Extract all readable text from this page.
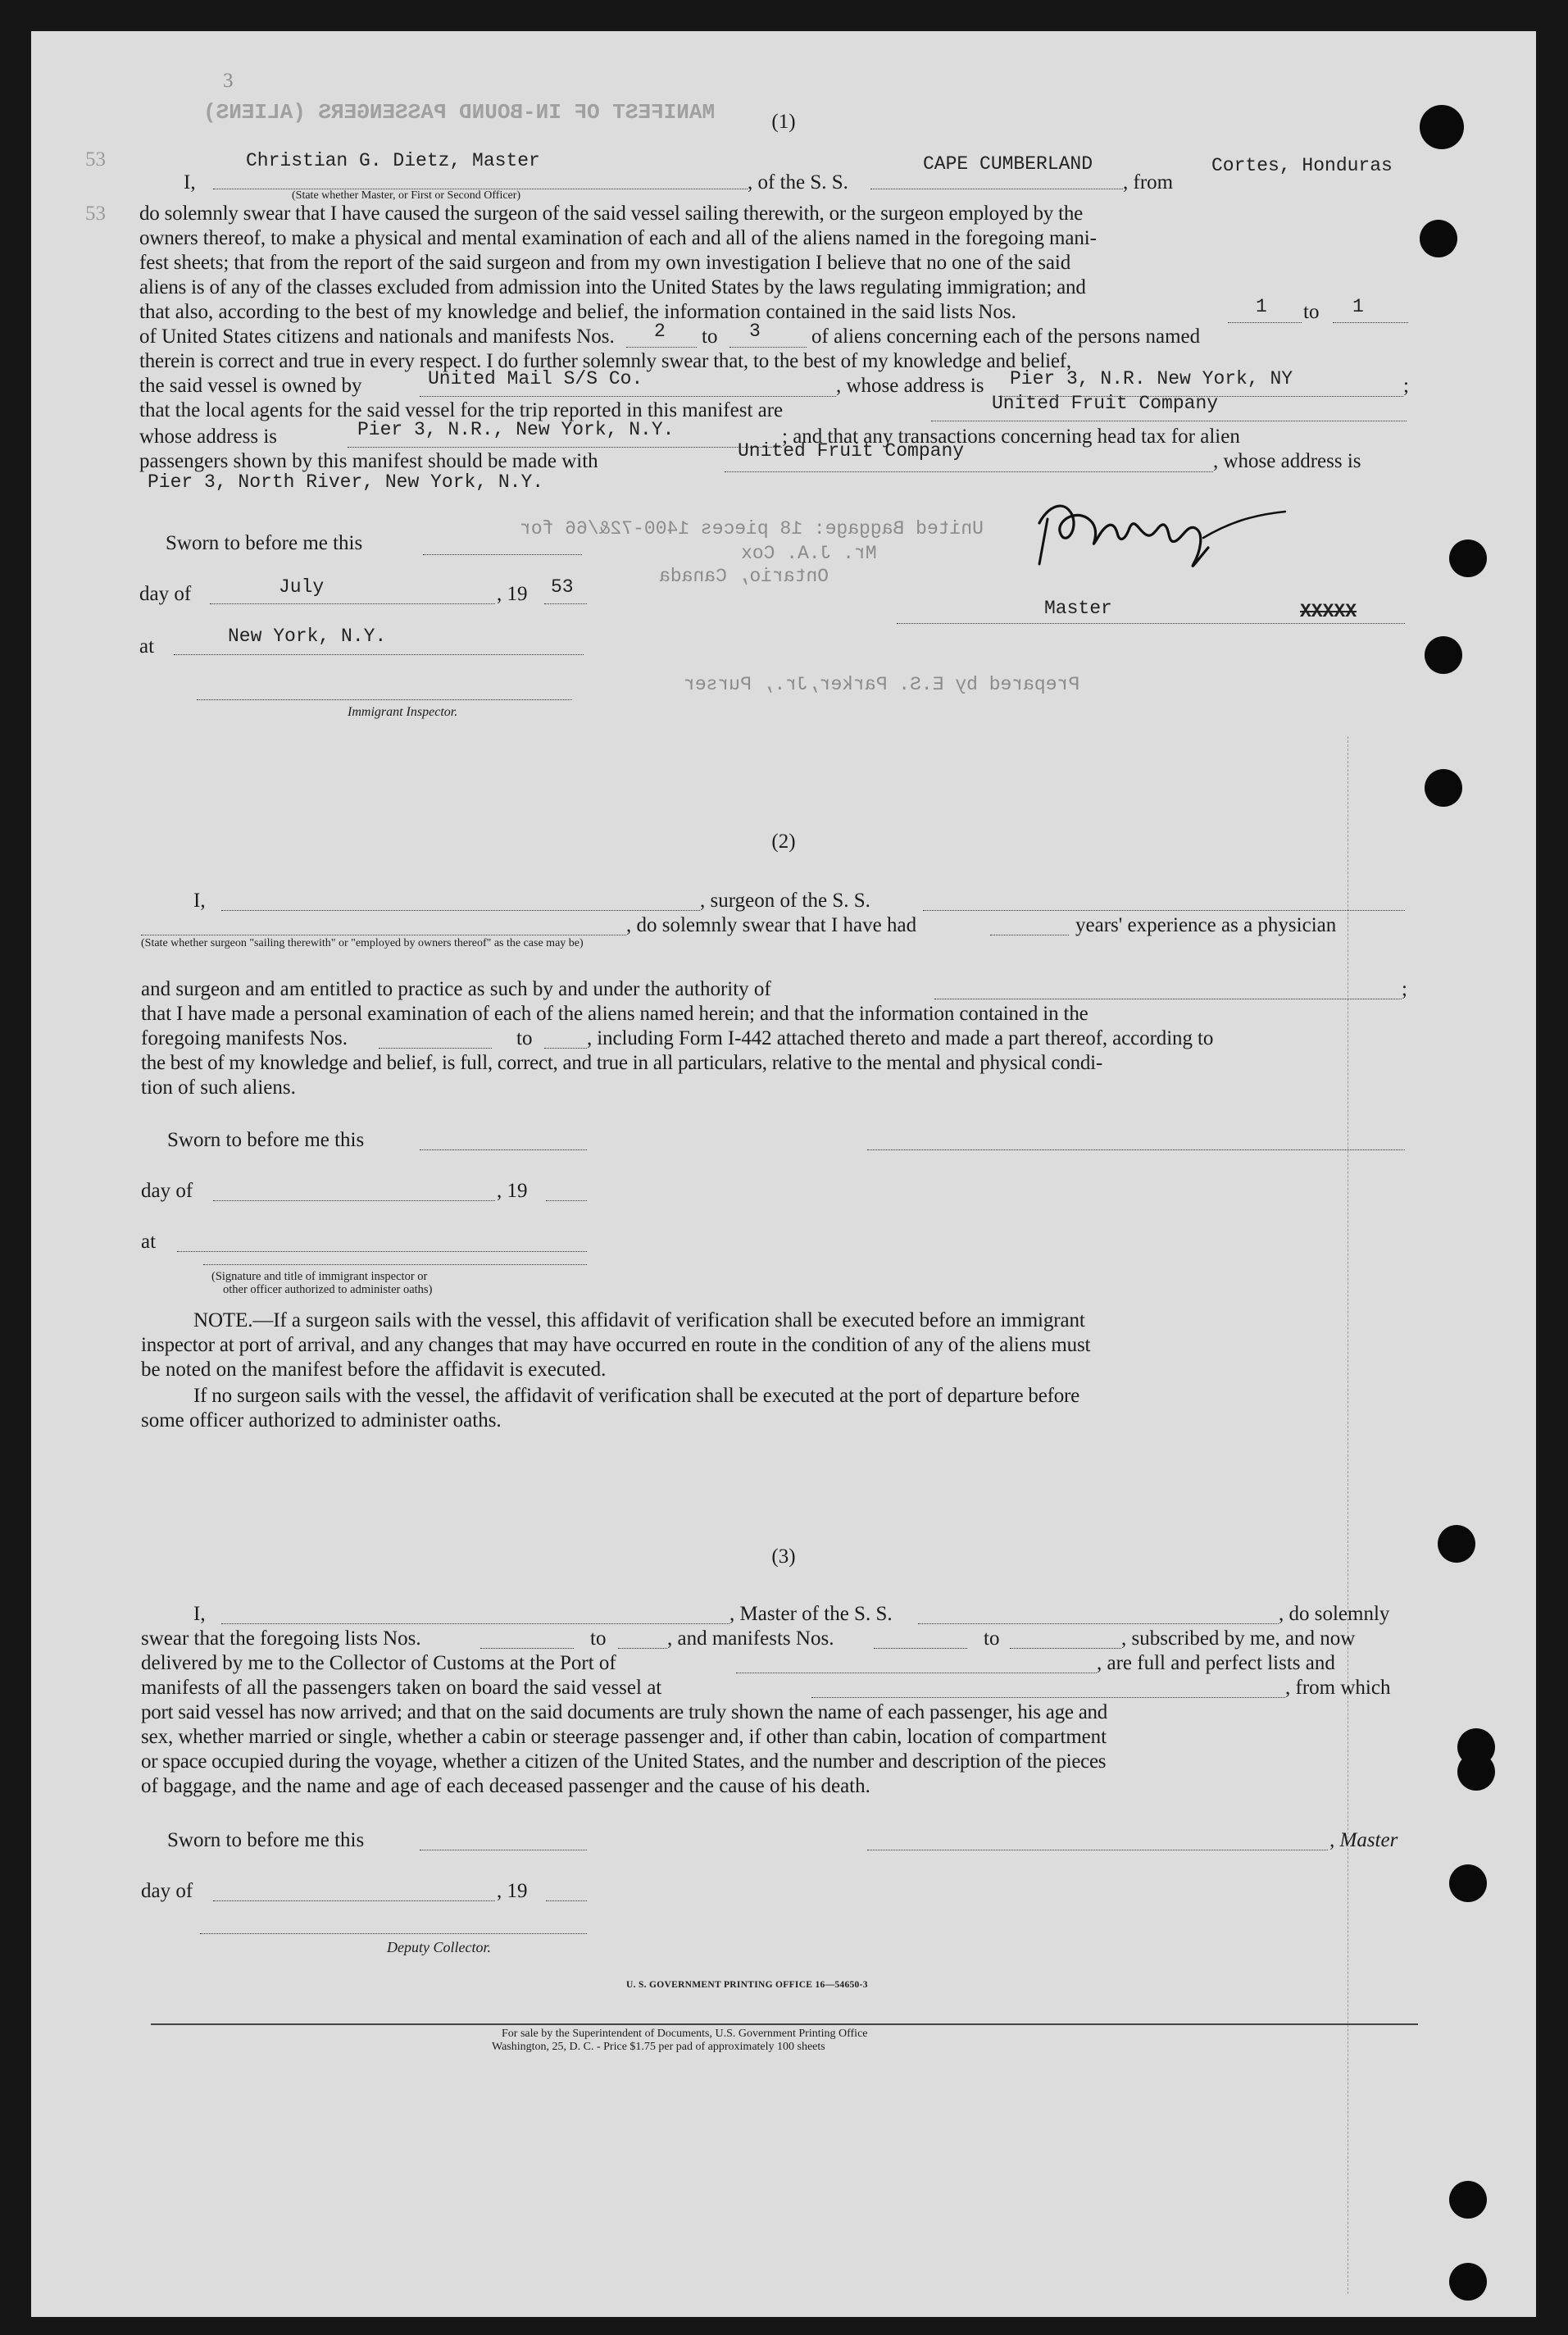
MANIFEST OF IN-BOUND PASSENGERS (ALIENS)
3
53
53
(1)
I,
Christian G. Dietz, Master
(State whether Master, or First or Second Officer)
, of the S. S.
CAPE CUMBERLAND
, from
Cortes, Honduras
do solemnly swear that I have caused the surgeon of the said vessel sailing therewith, or the surgeon employed by the
owners thereof, to make a physical and mental examination of each and all of the aliens named in the foregoing mani-
fest sheets; that from the report of the said surgeon and from my own investigation I believe that no one of the said
aliens is of any of the classes excluded from admission into the United States by the laws regulating immigration; and
that also, according to the best of my knowledge and belief, the information contained in the said lists Nos.	1 to 1
of United States citizens and nationals and manifests Nos. 2 to 3 of aliens concerning each of the persons named
therein is correct and true in every respect. I do further solemnly swear that, to the best of my knowledge and belief,
the said vessel is owned by	United Mail S/S Co.	, whose address is Pier 3, N.R. New York, NY	;
that the local agents for the said vessel for the trip reported in this manifest are	United Fruit Company
whose address is	Pier 3, N.R., New York, N.Y.	; and that any transactions concerning head tax for alien
passengers shown by this manifest should be made with	United Fruit Company	, whose address is
Pier 3, North River, New York, N.Y.
Sworn to before me this
day of	July	, 19 53
at	New York, N.Y.
Immigrant Inspector.
United Baggage: 18 pieces 1400-72&/66 for
Mr. J.A. Cox
Ontario, Canada
Prepared by E.S. Parker,Jr., Purser
Master	XXXXX
(2)
I,	, surgeon of the S. S.
, do solemnly swear that I have had	years' experience as a physician
(State whether surgeon "sailing therewith" or "employed by owners thereof" as the case may be)
and surgeon and am entitled to practice as such by and under the authority of	;
that I have made a personal examination of each of the aliens named herein; and that the information contained in the
foregoing manifests Nos.	to	, including Form I-442 attached thereto and made a part thereof, according to
the best of my knowledge and belief, is full, correct, and true in all particulars, relative to the mental and physical condi-
tion of such aliens.
Sworn to before me this
day of	, 19
at
(Signature and title of immigrant inspector or
other officer authorized to administer oaths)
NOTE.—If a surgeon sails with the vessel, this affidavit of verification shall be executed before an immigrant
inspector at port of arrival, and any changes that may have occurred en route in the condition of any of the aliens must
be noted on the manifest before the affidavit is executed.
If no surgeon sails with the vessel, the affidavit of verification shall be executed at the port of departure before
some officer authorized to administer oaths.
(3)
I,	, Master of the S. S.	, do solemnly
swear that the foregoing lists Nos.	to	, and manifests Nos.	to	, subscribed by me, and now
delivered by me to the Collector of Customs at the Port of	, are full and perfect lists and
manifests of all the passengers taken on board the said vessel at	, from which
port said vessel has now arrived; and that on the said documents are truly shown the name of each passenger, his age and
sex, whether married or single, whether a cabin or steerage passenger and, if other than cabin, location of compartment
or space occupied during the voyage, whether a citizen of the United States, and the number and description of the pieces
of baggage, and the name and age of each deceased passenger and the cause of his death.
Sworn to before me this	, Master
day of	, 19
Deputy Collector.
U. S. GOVERNMENT PRINTING OFFICE 16—54650-3
For sale by the Superintendent of Documents, U.S. Government Printing Office
Washington, 25, D. C. - Price $1.75 per pad of approximately 100 sheets
